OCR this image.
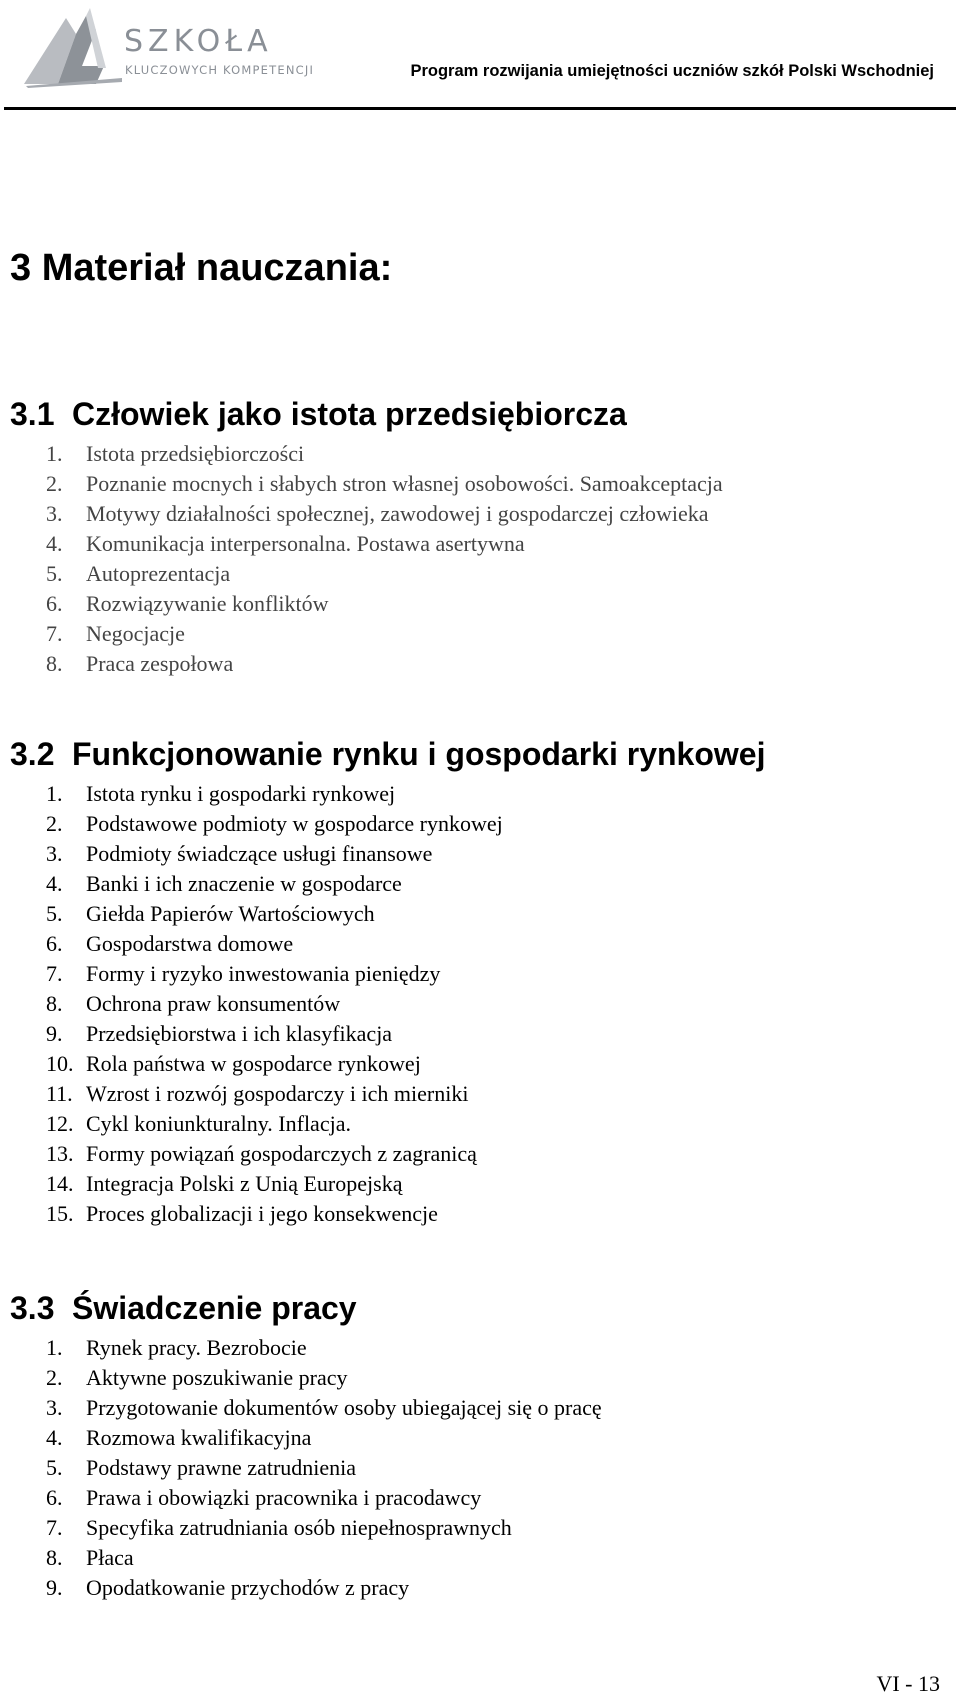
SZKOŁA
KLUCZOWYCH KOMPETENCJI	Program rozwijania umiejętności uczniów szkół Polski Wschodniej
3 Materiał nauczania:
3.1 Człowiek jako istota przedsiębiorcza
1. Istota przedsiębiorczości
2. Poznanie mocnych i słabych stron własnej osobowości. Samoakceptacja
3. Motywy działalności społecznej, zawodowej i gospodarczej człowieka
4. Komunikacja interpersonalna. Postawa asertywna
5. Autoprezentacja
6. Rozwiązywanie konfliktów
7. Negocjacje
8. Praca zespołowa
3.2 Funkcjonowanie rynku i gospodarki rynkowej
1. Istota rynku i gospodarki rynkowej
2. Podstawowe podmioty w gospodarce rynkowej
3. Podmioty świadczące usługi finansowe
4. Banki i ich znaczenie w gospodarce
5. Giełda Papierów Wartościowych
6. Gospodarstwa domowe
7. Formy i ryzyko inwestowania pieniędzy
8. Ochrona praw konsumentów
9. Przedsiębiorstwa i ich klasyfikacja
10. Rola państwa w gospodarce rynkowej
11. Wzrost i rozwój gospodarczy i ich mierniki
12. Cykl koniunkturalny. Inflacja.
13. Formy powiązań gospodarczych z zagranicą
14. Integracja Polski z Unią Europejską
15. Proces globalizacji i jego konsekwencje
3.3 Świadczenie pracy
1. Rynek pracy. Bezrobocie
2. Aktywne poszukiwanie pracy
3. Przygotowanie dokumentów osoby ubiegającej się o pracę
4. Rozmowa kwalifikacyjna
5. Podstawy prawne zatrudnienia
6. Prawa i obowiązki pracownika i pracodawcy
7. Specyfika zatrudniania osób niepełnosprawnych
8. Płaca
9. Opodatkowanie przychodów z pracy
VI - 13
